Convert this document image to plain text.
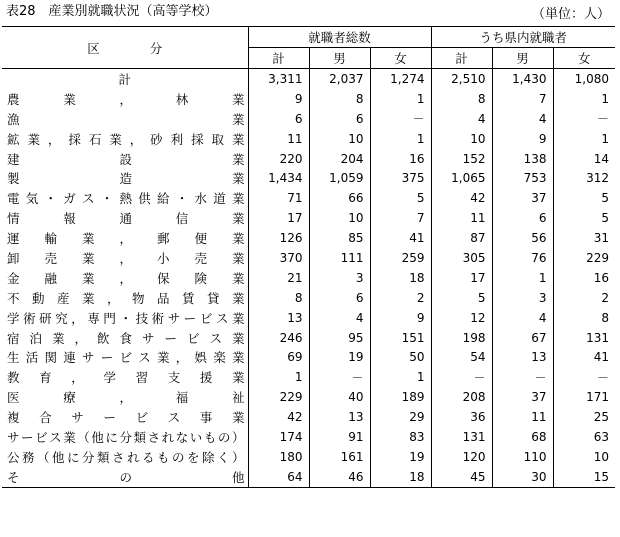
表28　産業別就職状況（高等学校）	（単位：人）
区　　　　分	就職者総数			うち県内就職者		
	計	男	女	計	男	女
計	3,311	2,037	1,274	2,510	1,430	1,080
農業，林業	9	8	1	8	7	1
漁業	6	6	－	4	4	－
鉱業，採石業，砂利採取業	11	10	1	10	9	1
建設業	220	204	16	152	138	14
製造業	1,434	1,059	375	1,065	753	312
電気・ガス・熱供給・水道業	71	66	5	42	37	5
情報通信業	17	10	7	11	6	5
運輸業，郵便業	126	85	41	87	56	31
卸売業，小売業	370	111	259	305	76	229
金融業，保険業	21	3	18	17	1	16
不動産業，物品賃貸業	8	6	2	5	3	2
学術研究，専門・技術サービス業	13	4	9	12	4	8
宿泊業，飲食サービス業	246	95	151	198	67	131
生活関連サービス業，娯楽業	69	19	50	54	13	41
教育，学習支援業	1	－	1	－	－	－
医療，福祉	229	40	189	208	37	171
複合サービス事業	42	13	29	36	11	25
サービス業（他に分類されないもの）	174	91	83	131	68	63
公務（他に分類されるものを除く）	180	161	19	120	110	10
その他	64	46	18	45	30	15
